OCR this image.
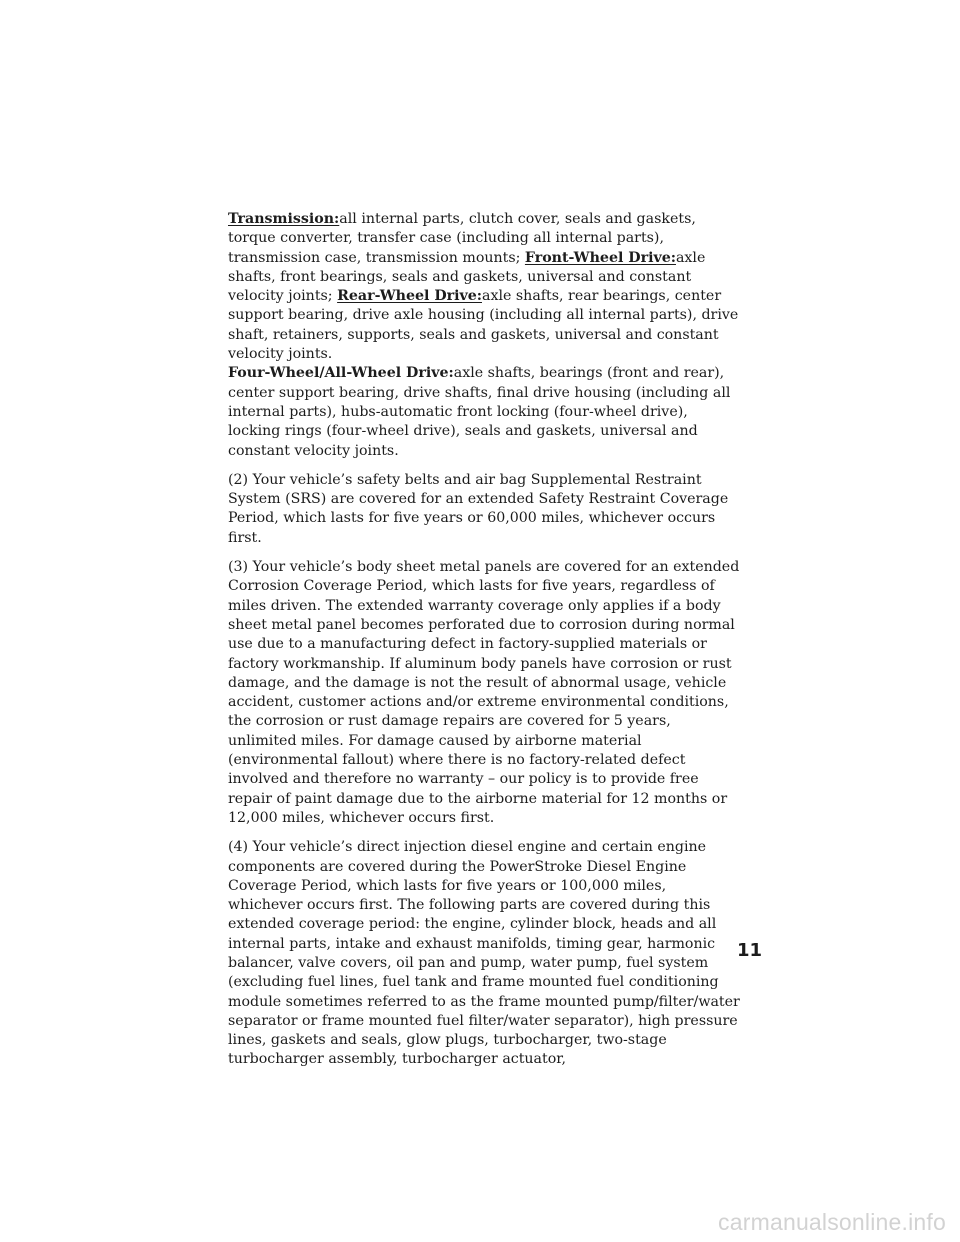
Transmission:all internal parts, clutch cover, seals and gaskets, torque converter, transfer case (including all internal parts), transmission case, transmission mounts; Front-Wheel Drive:axle shafts, front bearings, seals and gaskets, universal and constant velocity joints; Rear-Wheel Drive:axle shafts, rear bearings, center support bearing, drive axle housing (including all internal parts), drive shaft, retainers, supports, seals and gaskets, universal and constant velocity joints.
Four-Wheel/All-Wheel Drive:axle shafts, bearings (front and rear), center support bearing, drive shafts, final drive housing (including all internal parts), hubs-automatic front locking (four-wheel drive), locking rings (four-wheel drive), seals and gaskets, universal and constant velocity joints.
(2) Your vehicle’s safety belts and air bag Supplemental Restraint System (SRS) are covered for an extended Safety Restraint Coverage Period, which lasts for five years or 60,000 miles, whichever occurs first.
(3) Your vehicle’s body sheet metal panels are covered for an extended Corrosion Coverage Period, which lasts for five years, regardless of miles driven. The extended warranty coverage only applies if a body sheet metal panel becomes perforated due to corrosion during normal use due to a manufacturing defect in factory-supplied materials or factory workmanship. If aluminum body panels have corrosion or rust damage, and the damage is not the result of abnormal usage, vehicle accident, customer actions and/or extreme environmental conditions, the corrosion or rust damage repairs are covered for 5 years, unlimited miles. For damage caused by airborne material (environmental fallout) where there is no factory-related defect involved and therefore no warranty – our policy is to provide free repair of paint damage due to the airborne material for 12 months or 12,000 miles, whichever occurs first.
(4) Your vehicle’s direct injection diesel engine and certain engine components are covered during the PowerStroke Diesel Engine Coverage Period, which lasts for five years or 100,000 miles, whichever occurs first. The following parts are covered during this extended coverage period: the engine, cylinder block, heads and all internal parts, intake and exhaust manifolds, timing gear, harmonic balancer, valve covers, oil pan and pump, water pump, fuel system (excluding fuel lines, fuel tank and frame mounted fuel conditioning module sometimes referred to as the frame mounted pump/filter/water separator or frame mounted fuel filter/water separator), high pressure lines, gaskets and seals, glow plugs, turbocharger, two-stage turbocharger assembly, turbocharger actuator,
11
carmanualsonline.info
